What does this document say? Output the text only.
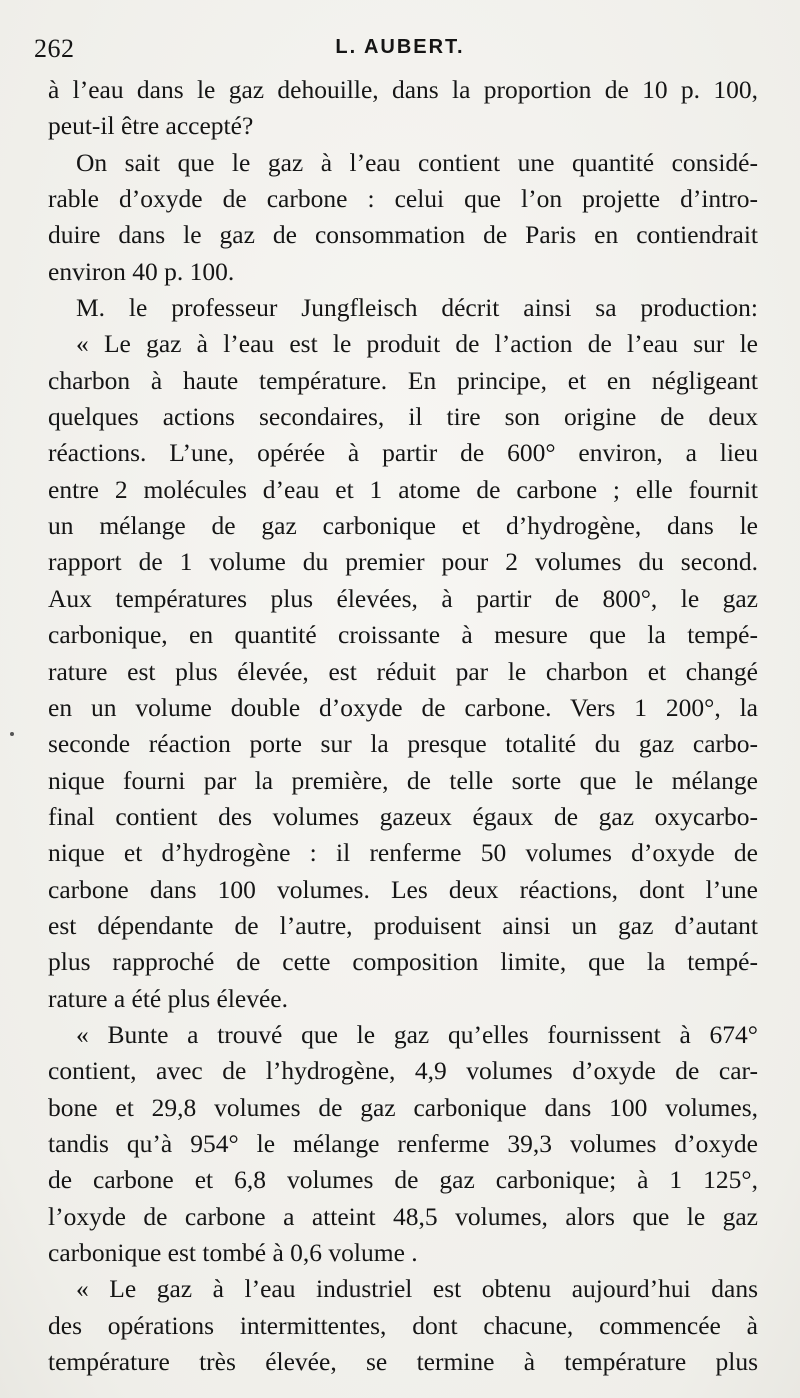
262	L. AUBERT.
à l’eau dans le gaz dehouille, dans la proportion de 10 p. 100,
peut-il être accepté?
On sait que le gaz à l’eau contient une quantité considé-
rable d’oxyde de carbone : celui que l’on projette d’intro-
duire dans le gaz de consommation de Paris en contiendrait
environ 40 p. 100.
M. le professeur Jungfleisch décrit ainsi sa production:
« Le gaz à l’eau est le produit de l’action de l’eau sur le
charbon à haute température. En principe, et en négligeant
quelques actions secondaires, il tire son origine de deux
réactions. L’une, opérée à partir de 600° environ, a lieu
entre 2 molécules d’eau et 1 atome de carbone ; elle fournit
un mélange de gaz carbonique et d’hydrogène, dans le
rapport de 1 volume du premier pour 2 volumes du second.
Aux températures plus élevées, à partir de 800°, le gaz
carbonique, en quantité croissante à mesure que la tempé-
rature est plus élevée, est réduit par le charbon et changé
en un volume double d’oxyde de carbone. Vers 1 200°, la
seconde réaction porte sur la presque totalité du gaz carbo-
nique fourni par la première, de telle sorte que le mélange
final contient des volumes gazeux égaux de gaz oxycarbo-
nique et d’hydrogène : il renferme 50 volumes d’oxyde de
carbone dans 100 volumes. Les deux réactions, dont l’une
est dépendante de l’autre, produisent ainsi un gaz d’autant
plus rapproché de cette composition limite, que la tempé-
rature a été plus élevée.
« Bunte a trouvé que le gaz qu’elles fournissent à 674°
contient, avec de l’hydrogène, 4,9 volumes d’oxyde de car-
bone et 29,8 volumes de gaz carbonique dans 100 volumes,
tandis qu’à 954° le mélange renferme 39,3 volumes d’oxyde
de carbone et 6,8 volumes de gaz carbonique; à 1 125°,
l’oxyde de carbone a atteint 48,5 volumes, alors que le gaz
carbonique est tombé à 0,6 volume .
« Le gaz à l’eau industriel est obtenu aujourd’hui dans
des opérations intermittentes, dont chacune, commencée à
température très élevée, se termine à température plus
